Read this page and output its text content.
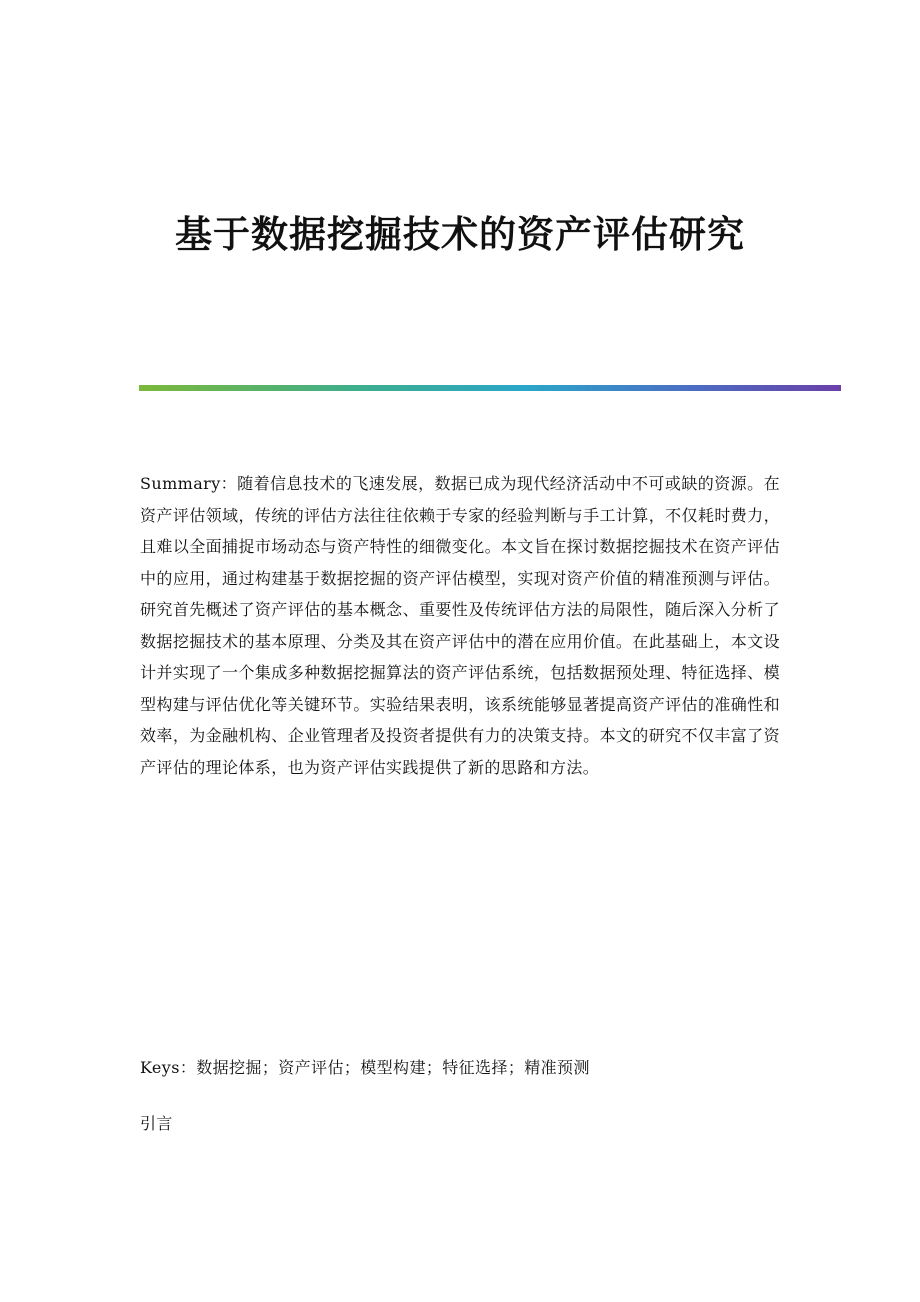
基于数据挖掘技术的资产评估研究

Summary：随着信息技术的飞速发展，数据已成为现代经济活动中不可或缺的资源。在资产评估领域，传统的评估方法往往依赖于专家的经验判断与手工计算，不仅耗时费力，且难以全面捕捉市场动态与资产特性的细微变化。本文旨在探讨数据挖掘技术在资产评估中的应用，通过构建基于数据挖掘的资产评估模型，实现对资产价值的精准预测与评估。研究首先概述了资产评估的基本概念、重要性及传统评估方法的局限性，随后深入分析了数据挖掘技术的基本原理、分类及其在资产评估中的潜在应用价值。在此基础上，本文设计并实现了一个集成多种数据挖掘算法的资产评估系统，包括数据预处理、特征选择、模型构建与评估优化等关键环节。实验结果表明，该系统能够显著提高资产评估的准确性和效率，为金融机构、企业管理者及投资者提供有力的决策支持。本文的研究不仅丰富了资产评估的理论体系，也为资产评估实践提供了新的思路和方法。

Keys：数据挖掘；资产评估；模型构建；特征选择；精准预测

引言
